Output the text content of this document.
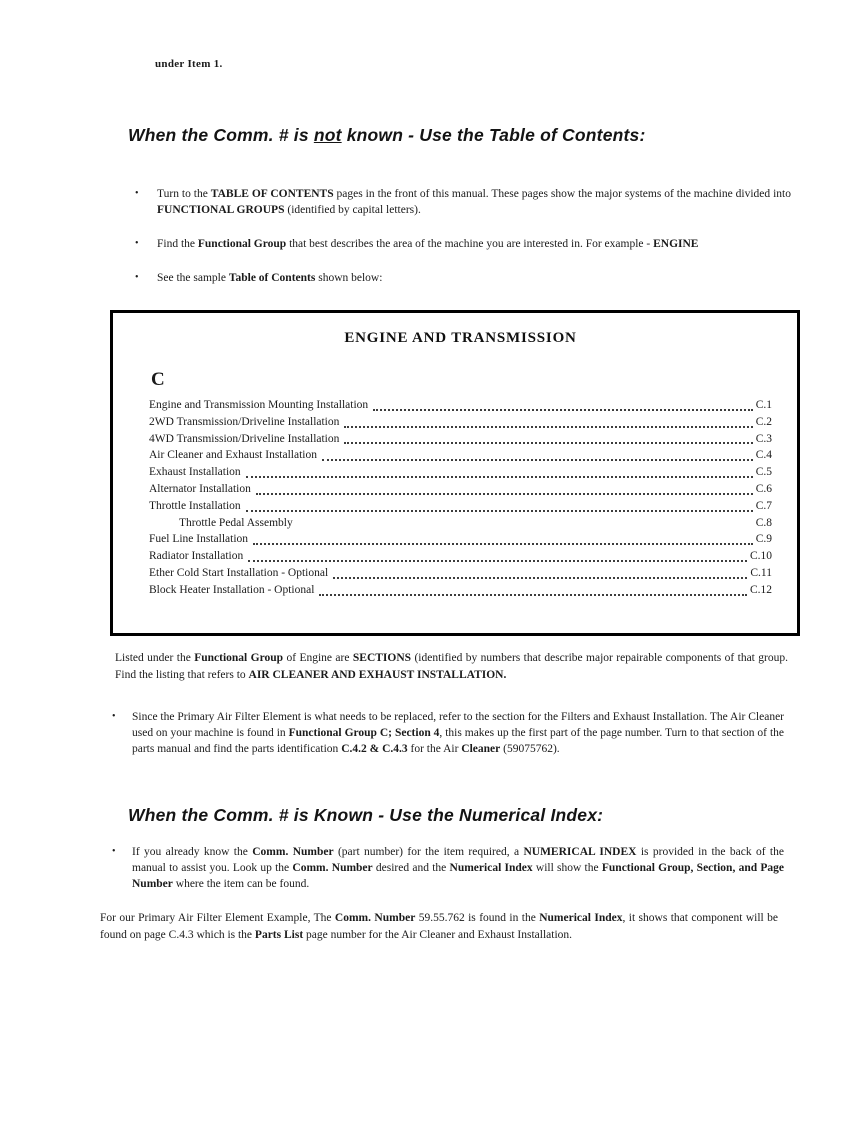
under Item 1.
When the Comm. # is not known - Use the Table of Contents:
•	Turn to the TABLE OF CONTENTS pages in the front of this manual. These pages show the major systems of the machine divided into FUNCTIONAL GROUPS (identified by capital letters).
•	Find the Functional Group that best describes the area of the machine you are interested in. For example - ENGINE
•	See the sample Table of Contents shown below:
ENGINE AND TRANSMISSION
C
Engine and Transmission Mounting Installation	C.1
2WD Transmission/Driveline Installation	C.2
4WD Transmission/Driveline Installation	C.3
Air Cleaner and Exhaust Installation	C.4
Exhaust Installation	C.5
Alternator Installation	C.6
Throttle Installation	C.7
Throttle Pedal Assembly	C.8
Fuel Line Installation	C.9
Radiator Installation	C.10
Ether Cold Start Installation - Optional	C.11
Block Heater Installation - Optional	C.12
Listed under the Functional Group of Engine are SECTIONS (identified by numbers that describe major repairable components of that group. Find the listing that refers to AIR CLEANER AND EXHAUST INSTALLATION.
•	Since the Primary Air Filter Element is what needs to be replaced, refer to the section for the Filters and Exhaust Installation. The Air Cleaner used on your machine is found in Functional Group C; Section 4, this makes up the first part of the page number. Turn to that section of the parts manual and find the parts identification C.4.2 & C.4.3 for the Air Cleaner (59075762).
When the Comm. # is Known - Use the Numerical Index:
•	If you already know the Comm. Number (part number) for the item required, a NUMERICAL INDEX is provided in the back of the manual to assist you. Look up the Comm. Number desired and the Numerical Index will show the Functional Group, Section, and Page Number where the item can be found.
For our Primary Air Filter Element Example, The Comm. Number 59.55.762 is found in the Numerical Index, it shows that component will be found on page C.4.3 which is the Parts List page number for the Air Cleaner and Exhaust Installation.
